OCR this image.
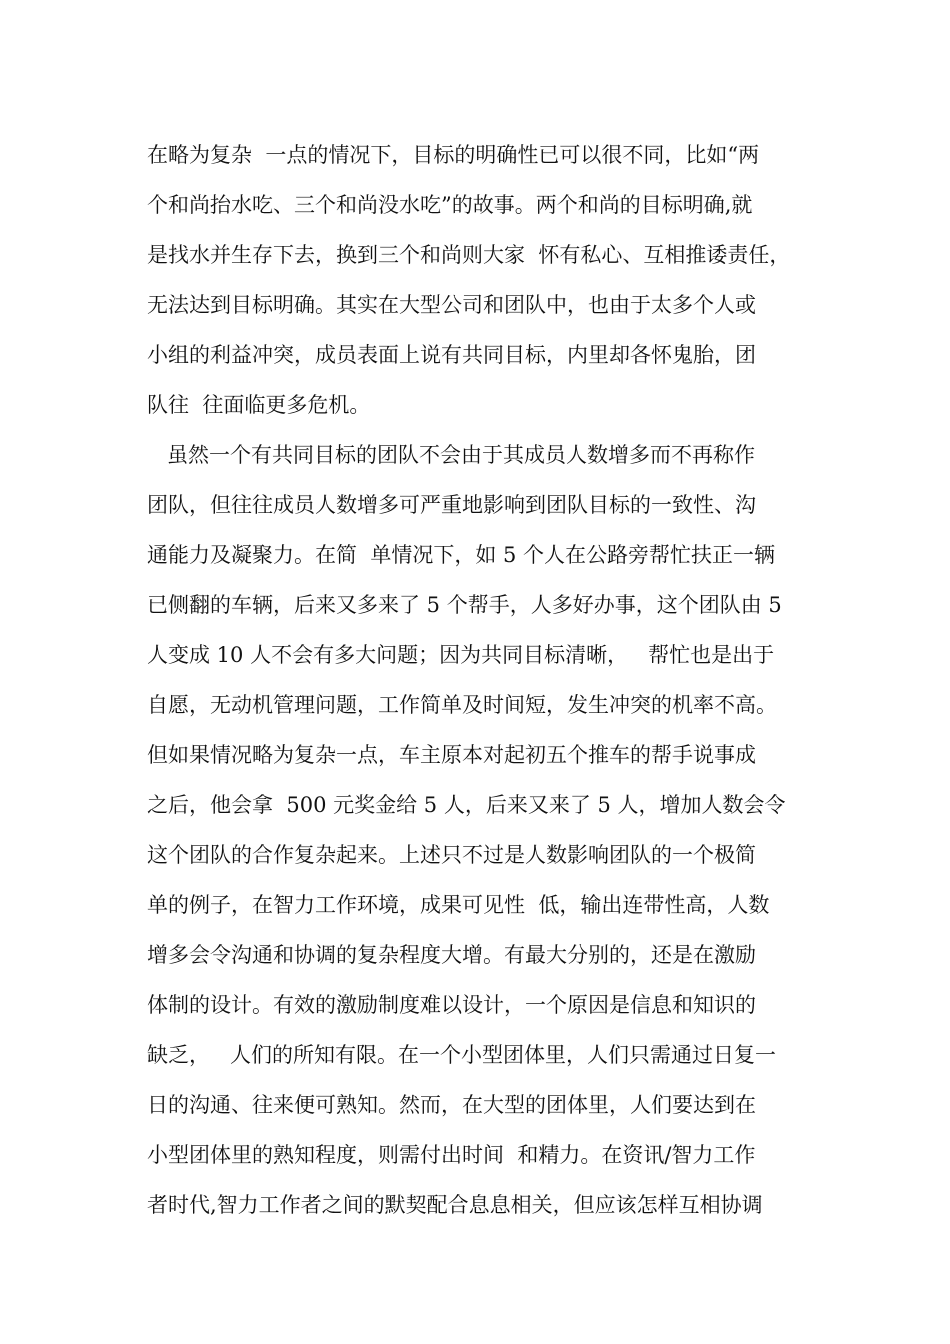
在略为复杂  一点的情况下，目标的明确性已可以很不同，比如“两
个和尚抬水吃、三个和尚没水吃”的故事。两个和尚的目标明确,就
是找水并生存下去，换到三个和尚则大家  怀有私心、互相推诿责任，
无法达到目标明确。其实在大型公司和团队中，也由于太多个人或
小组的利益冲突，成员表面上说有共同目标，内里却各怀鬼胎，团
队往  往面临更多危机。
虽然一个有共同目标的团队不会由于其成员人数增多而不再称作
团队，但往往成员人数增多可严重地影响到团队目标的一致性、沟
通能力及凝聚力。在简  单情况下，如 5 个人在公路旁帮忙扶正一辆
已侧翻的车辆，后来又多来了 5 个帮手，人多好办事，这个团队由 5
人变成 10 人不会有多大问题；因为共同目标清晰，   帮忙也是出于
自愿，无动机管理问题，工作简单及时间短，发生冲突的机率不高。
但如果情况略为复杂一点，车主原本对起初五个推车的帮手说事成
之后，他会拿  500 元奖金给 5 人，后来又来了 5 人，增加人数会令
这个团队的合作复杂起来。上述只不过是人数影响团队的一个极简
单的例子，在智力工作环境，成果可见性  低，输出连带性高，人数
增多会令沟通和协调的复杂程度大增。有最大分别的，还是在激励
体制的设计。有效的激励制度难以设计，一个原因是信息和知识的
缺乏，   人们的所知有限。在一个小型团体里，人们只需通过日复一
日的沟通、往来便可熟知。然而，在大型的团体里，人们要达到在
小型团体里的熟知程度，则需付出时间  和精力。在资讯/智力工作
者时代,智力工作者之间的默契配合息息相关，但应该怎样互相协调
